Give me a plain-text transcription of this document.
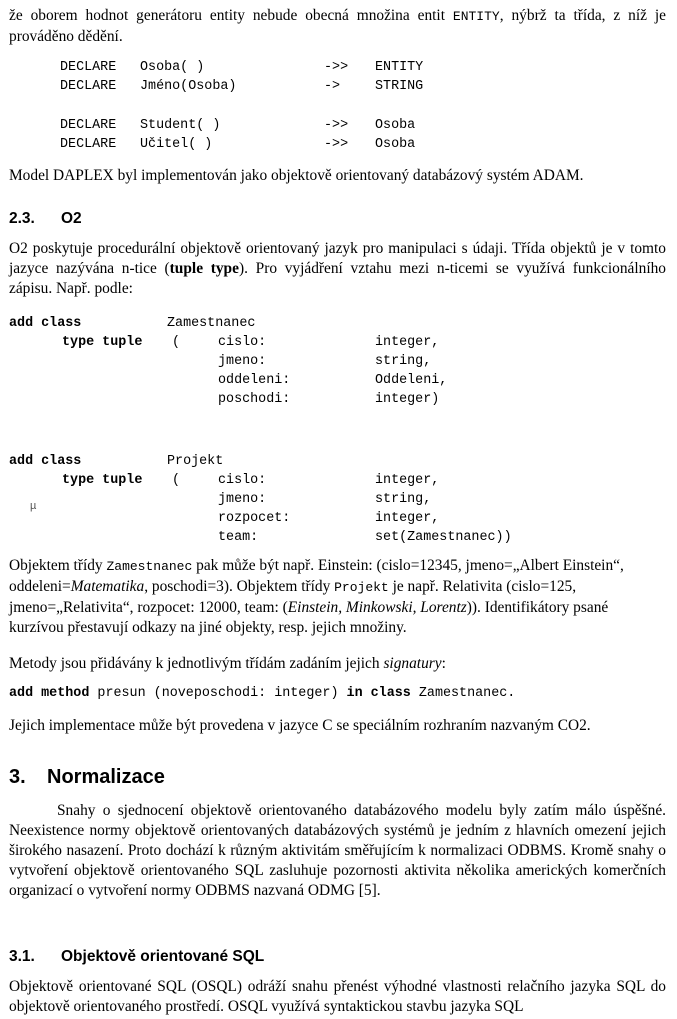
že oborem hodnot generátoru entity nebude obecná množina entit ENTITY, nýbrž ta třída, z níž je prováděno dědění.

DECLARE Osoba( )	->> ENTITY
DECLARE Jméno(Osoba)	->	STRING
DECLARE Student( )	->> Osoba
DECLARE Učitel( )	->> Osoba

Model DAPLEX byl implementován jako objektově orientovaný databázový systém ADAM.

2.3. O2

O2 poskytuje procedurální objektově orientovaný jazyk pro manipulaci s údaji. Třída objektů je v tomto jazyce nazývána n-tice (tuple type). Pro vyjádření vztahu mezi n-ticemi se využívá funkcionálního zápisu. Např. podle:

add class	Zamestnanec
type tuple (	cislo:	integer,
jmeno:	string,
oddeleni:	Oddeleni,
poschodi:	integer)
add class	Projekt
type tuple (	cislo:	integer,
jmeno:	string,
rozpocet:	integer,
team:	set(Zamestnanec))
µ

Objektem třídy Zamestnanec pak může být např. Einstein: (cislo=12345, jmeno=„Albert Einstein“, oddeleni=Matematika, poschodi=3). Objektem třídy Projekt je např. Relativita (cislo=125, jmeno=„Relativita“, rozpocet: 12000, team: (Einstein, Minkowski, Lorentz)). Identifikátory psané kurzívou přestavují odkazy na jiné objekty, resp. jejich množiny.

Metody jsou přidávány k jednotlivým třídám zadáním jejich signatury:

add method presun (noveposchodi: integer) in class Zamestnanec.

Jejich implementace může být provedena v jazyce C se speciálním rozhraním nazvaným CO2.

3. Normalizace

Snahy o sjednocení objektově orientovaného databázového modelu byly zatím málo úspěšné. Neexistence normy objektově orientovaných databázových systémů je jedním z hlavních omezení jejich širokého nasazení. Proto dochází k různým aktivitám směřujícím k normalizaci ODBMS. Kromě snahy o vytvoření objektově orientovaného SQL zasluhuje pozornosti aktivita několika amerických komerčních organizací o vytvoření normy ODBMS nazvaná ODMG [5].

3.1. Objektově orientované SQL

Objektově orientované SQL (OSQL) odráží snahu přenést výhodné vlastnosti relačního jazyka SQL do objektově orientovaného prostředí. OSQL využívá syntaktickou stavbu jazyka SQL
